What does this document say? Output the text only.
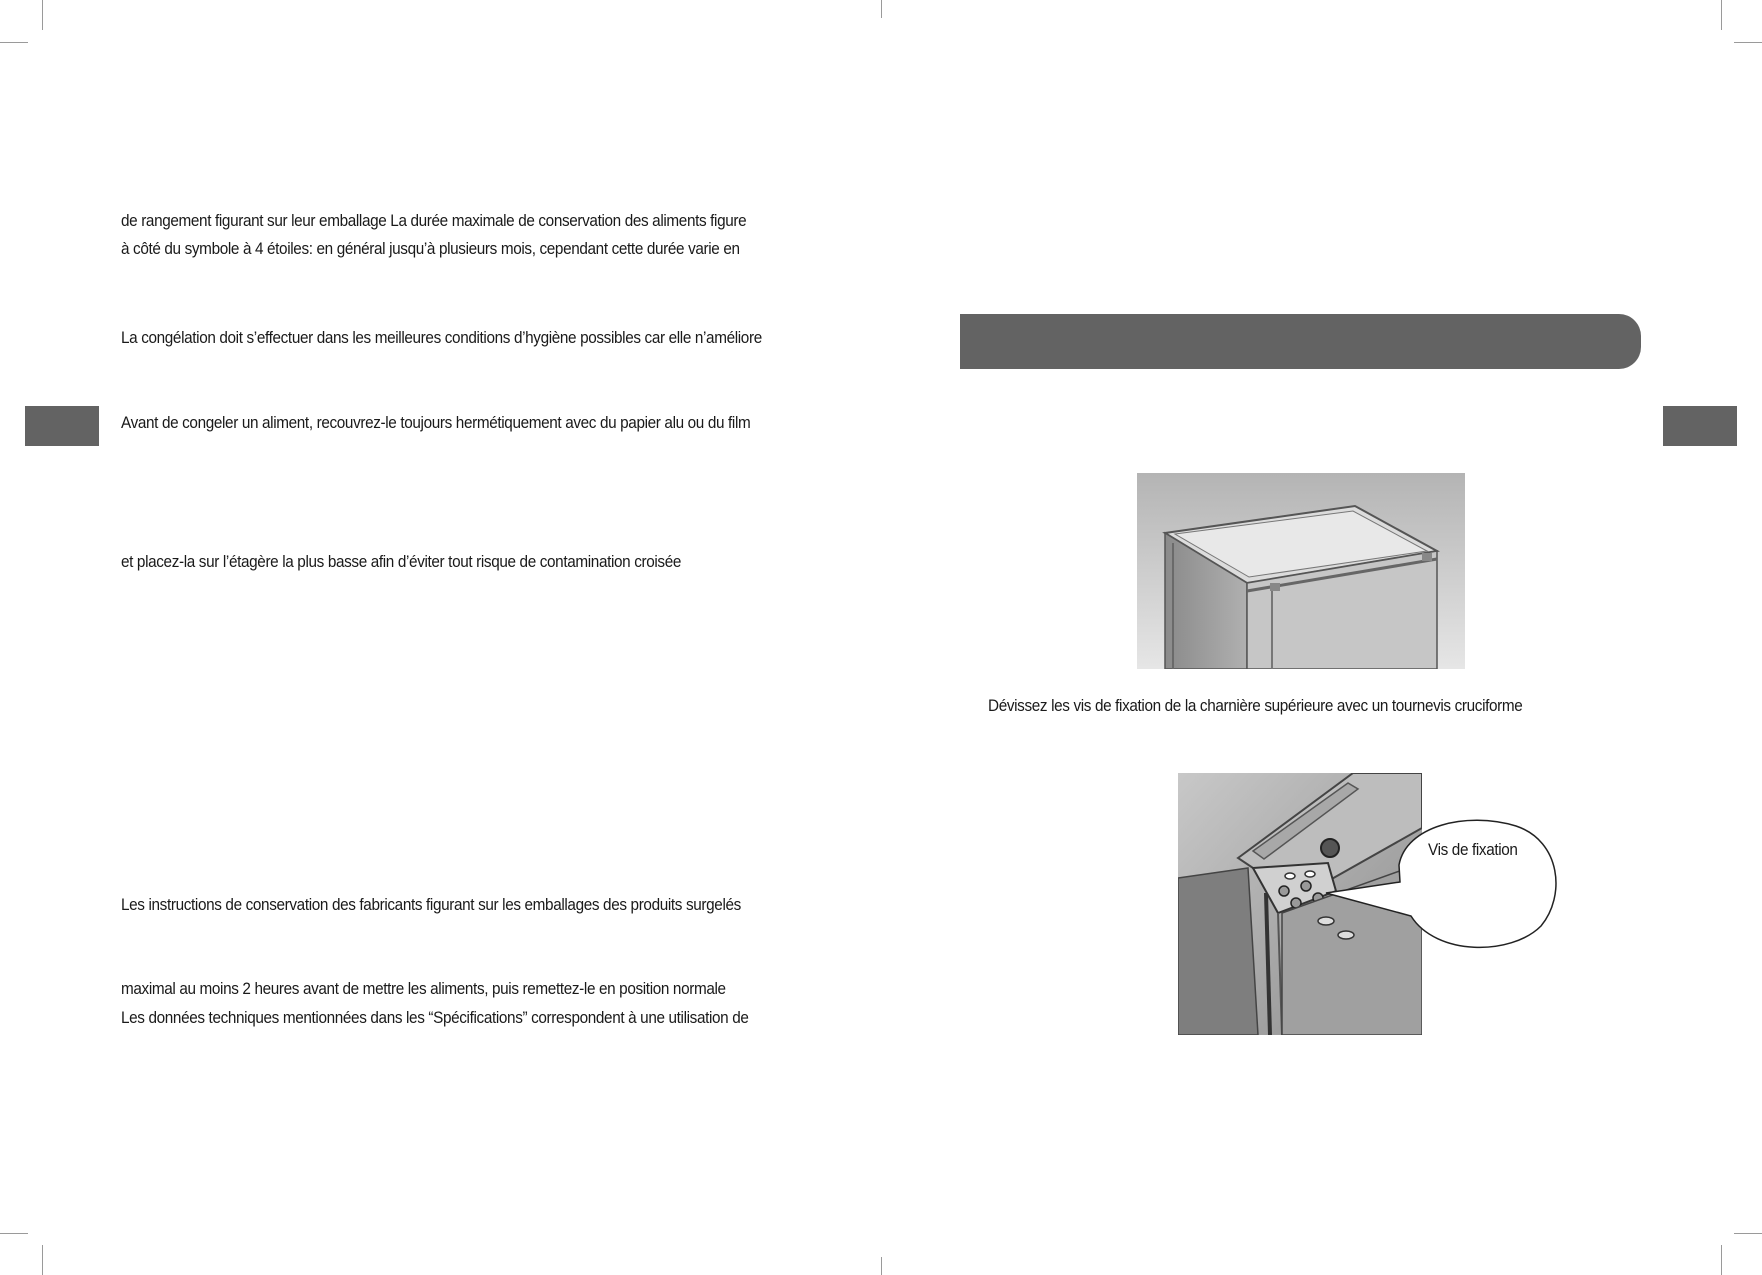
de rangement figurant sur leur emballage La durée maximale de conservation des aliments figure

à côté du symbole à 4 étoiles: en général jusqu’à plusieurs mois, cependant cette durée varie en

La congélation doit s’effectuer dans les meilleures conditions d’hygiène possibles car elle n’améliore

Avant de congeler un aliment, recouvrez-le toujours hermétiquement avec du papier alu ou du film

et placez-la sur l’étagère la plus basse afin d’éviter tout risque de contamination croisée

Les instructions de conservation des fabricants figurant sur les emballages des produits surgelés

maximal au moins 2 heures avant de mettre les aliments, puis remettez-le en position normale

Les données techniques mentionnées dans les “Spécifications” correspondent à une utilisation de

Dévissez les vis de fixation de la charnière supérieure avec un tournevis cruciforme

Vis de fixation
